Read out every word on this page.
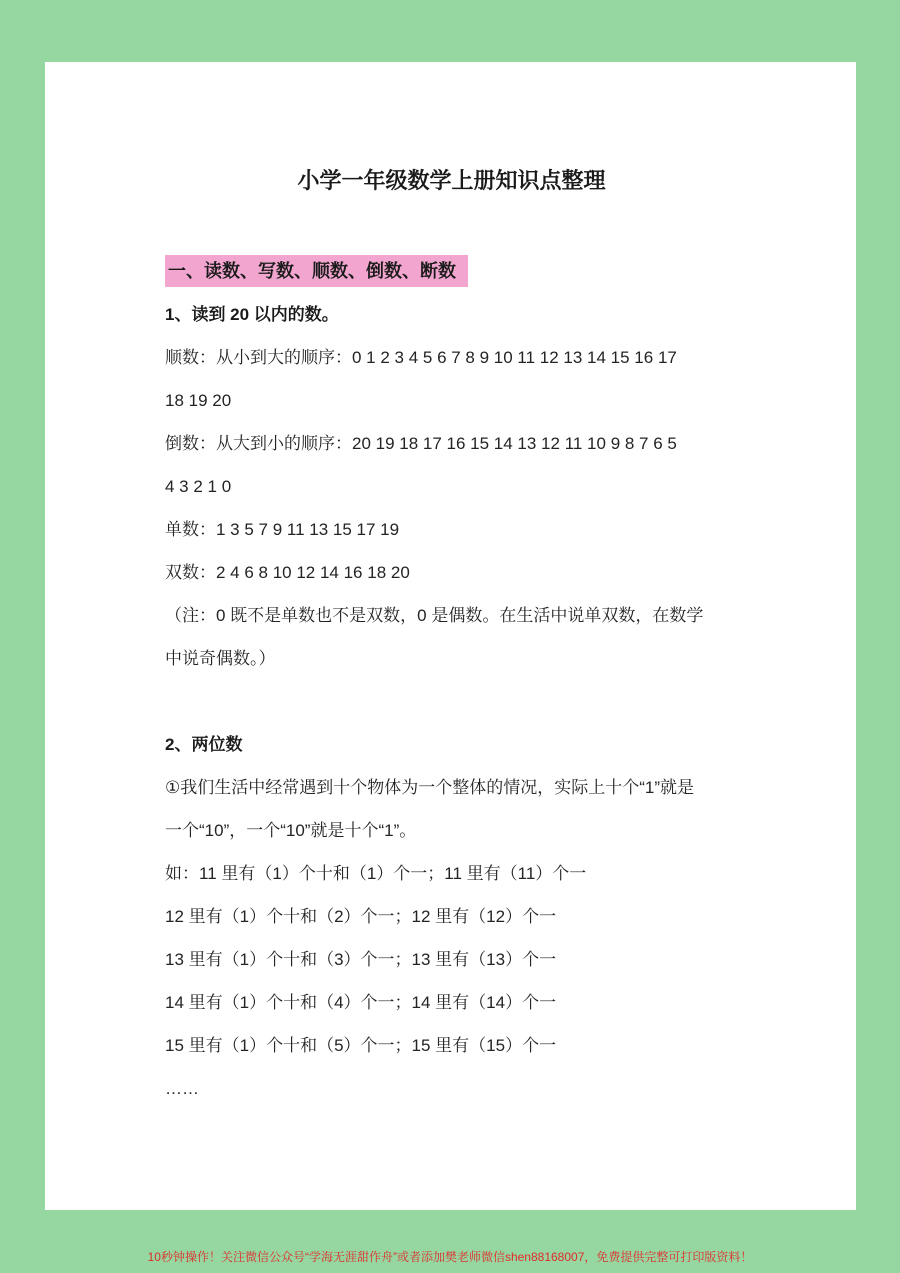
小学一年级数学上册知识点整理
一、读数、写数、顺数、倒数、断数
1、读到 20 以内的数。
顺数：从小到大的顺序：0 1 2 3 4 5 6 7 8 9 10 11 12 13 14 15 16 17
18 19 20
倒数：从大到小的顺序：20 19 18 17 16 15 14 13 12 11 10 9 8 7 6 5
4 3 2 1 0
单数：1 3 5 7 9 11 13 15 17 19
双数：2 4 6 8 10 12 14 16 18 20
（注：0 既不是单数也不是双数，0 是偶数。在生活中说单双数，在数学
中说奇偶数。）
2、两位数
①我们生活中经常遇到十个物体为一个整体的情况，实际上十个“1”就是
一个“10”，一个“10”就是十个“1”。
如：11 里有（1）个十和（1）个一；11 里有（11）个一
12 里有（1）个十和（2）个一；12 里有（12）个一
13 里有（1）个十和（3）个一；13 里有（13）个一
14 里有（1）个十和（4）个一；14 里有（14）个一
15 里有（1）个十和（5）个一；15 里有（15）个一
……
10秒钟操作！关注微信公众号“学海无涯甜作舟”或者添加樊老师微信shen88168007，免费提供完整可打印版资料！
